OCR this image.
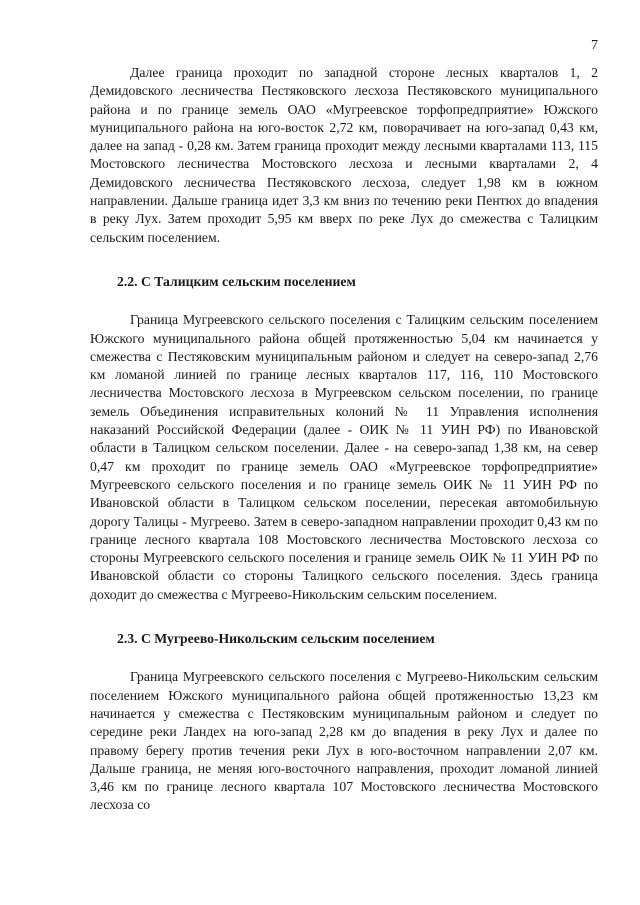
7

Далее граница проходит по западной стороне лесных кварталов 1, 2 Демидовского лесничества Пестяковского лесхоза Пестяковского муниципального района и по границе земель ОАО «Мугреевское торфопредприятие» Южского муниципального района на юго-восток 2,72 км, поворачивает на юго-запад 0,43 км, далее на запад - 0,28 км. Затем граница проходит между лесными кварталами 113, 115 Мостовского лесничества Мостовского лесхоза и лесными кварталами 2, 4 Демидовского лесничества Пестяковского лесхоза, следует 1,98 км в южном направлении. Дальше граница идет 3,3 км вниз по течению реки Пентюх до впадения в реку Лух. Затем проходит 5,95 км вверх по реке Лух до смежества с Талицким сельским поселением.

2.2. С Талицким сельским поселением

Граница Мугреевского сельского поселения с Талицким сельским поселением Южского муниципального района общей протяженностью 5,04 км начинается у смежества с Пестяковским муниципальным районом и следует на северо-запад 2,76 км ломаной линией по границе лесных кварталов 117, 116, 110 Мостовского лесничества Мостовского лесхоза в Мугреевском сельском поселении, по границе земель Объединения исправительных колоний № 11 Управления исполнения наказаний Российской Федерации (далее - ОИК № 11 УИН РФ) по Ивановской области в Талицком сельском поселении. Далее - на северо-запад 1,38 км, на север 0,47 км проходит по границе земель ОАО «Мугреевское торфопредприятие» Мугреевского сельского поселения и по границе земель ОИК № 11 УИН РФ по Ивановской области в Талицком сельском поселении, пересекая автомобильную дорогу Талицы - Мугреево. Затем в северо-западном направлении проходит 0,43 км по границе лесного квартала 108 Мостовского лесничества Мостовского лесхоза со стороны Мугреевского сельского поселения и границе земель ОИК № 11 УИН РФ по Ивановской области со стороны Талицкого сельского поселения. Здесь граница доходит до смежества с Мугреево-Никольским сельским поселением.

2.3. С Мугреево-Никольским сельским поселением

Граница Мугреевского сельского поселения с Мугреево-Никольским сельским поселением Южского муниципального района общей протяженностью 13,23 км начинается у смежества с Пестяковским муниципальным районом и следует по середине реки Ландех на юго-запад 2,28 км до впадения в реку Лух и далее по правому берегу против течения реки Лух в юго-восточном направлении 2,07 км. Дальше граница, не меняя юго-восточного направления, проходит ломаной линией 3,46 км по границе лесного квартала 107 Мостовского лесничества Мостовского лесхоза со
